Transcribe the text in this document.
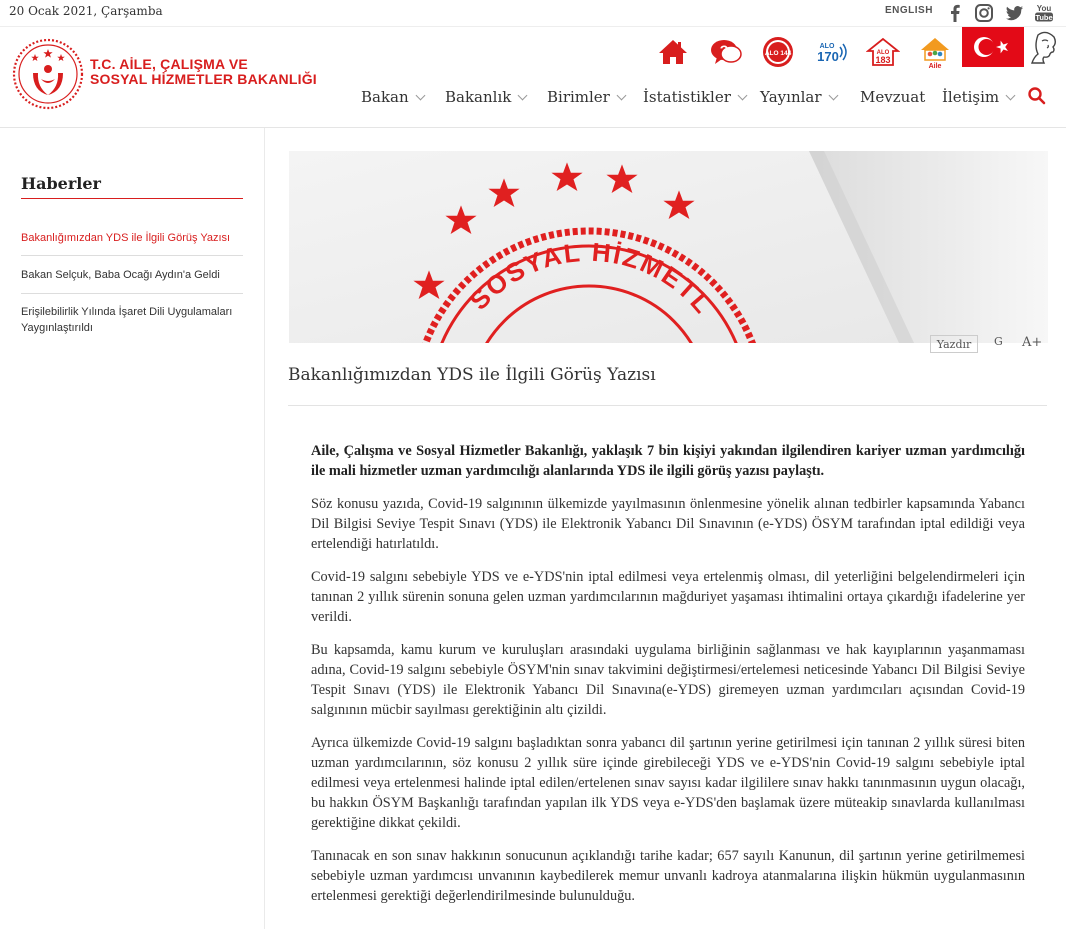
20 Ocak 2021, Çarşamba	ENGLISH	You
Tube
T.C. AİLE, ÇALIŞMA VE
SOSYAL HİZMETLER BAKANLIĞI
?	ALO 144
ALO
170	ALO
183
Aile
Bakan	Bakanlık	Birimler	İstatistikler	Yayınlar	Mevzuat İletişim
Haberler
Bakanlığımızdan YDS ile İlgili Görüş Yazısı
Bakan Selçuk, Baba Ocağı Aydın'a Geldi
Erişilebilirlik Yılında İşaret Dili Uygulamaları Yaygınlaştırıldı
SOSYAL HİZMETL
Yazdır	G A+
Bakanlığımızdan YDS ile İlgili Görüş Yazısı

Aile, Çalışma ve Sosyal Hizmetler Bakanlığı, yaklaşık 7 bin kişiyi yakından ilgilendiren kariyer uzman yardımcılığı ile mali hizmetler uzman yardımcılığı alanlarında YDS ile ilgili görüş yazısı paylaştı.

Söz konusu yazıda, Covid-19 salgınının ülkemizde yayılmasının önlenmesine yönelik alınan tedbirler kapsamında Yabancı Dil Bilgisi Seviye Tespit Sınavı (YDS) ile Elektronik Yabancı Dil Sınavının (e-YDS) ÖSYM tarafından iptal edildiği veya ertelendiği hatırlatıldı.

Covid-19 salgını sebebiyle YDS ve e-YDS'nin iptal edilmesi veya ertelenmiş olması, dil yeterliğini belgelendirmeleri için tanınan 2 yıllık sürenin sonuna gelen uzman yardımcılarının mağduriyet yaşaması ihtimalini ortaya çıkardığı ifadelerine yer verildi.

Bu kapsamda, kamu kurum ve kuruluşları arasındaki uygulama birliğinin sağlanması ve hak kayıplarının yaşanmaması adına, Covid-19 salgını sebebiyle ÖSYM'nin sınav takvimini değiştirmesi/ertelemesi neticesinde Yabancı Dil Bilgisi Seviye Tespit Sınavı (YDS) ile Elektronik Yabancı Dil Sınavına(e-YDS) giremeyen uzman yardımcıları açısından Covid-19 salgınının mücbir sayılması gerektiğinin altı çizildi.

Ayrıca ülkemizde Covid-19 salgını başladıktan sonra yabancı dil şartının yerine getirilmesi için tanınan 2 yıllık süresi biten uzman yardımcılarının, söz konusu 2 yıllık süre içinde girebileceği YDS ve e-YDS'nin Covid-19 salgını sebebiyle iptal edilmesi veya ertelenmesi halinde iptal edilen/ertelenen sınav sayısı kadar ilgililere sınav hakkı tanınmasının uygun olacağı, bu hakkın ÖSYM Başkanlığı tarafından yapılan ilk YDS veya e-YDS'den başlamak üzere müteakip sınavlarda kullanılması gerektiğine dikkat çekildi.

Tanınacak en son sınav hakkının sonucunun açıklandığı tarihe kadar; 657 sayılı Kanunun, dil şartının yerine getirilmemesi sebebiyle uzman yardımcısı unvanının kaybedilerek memur unvanlı kadroya atanmalarına ilişkin hükmün uygulanmasının ertelenmesi gerektiği değerlendirilmesinde bulunulduğu.
